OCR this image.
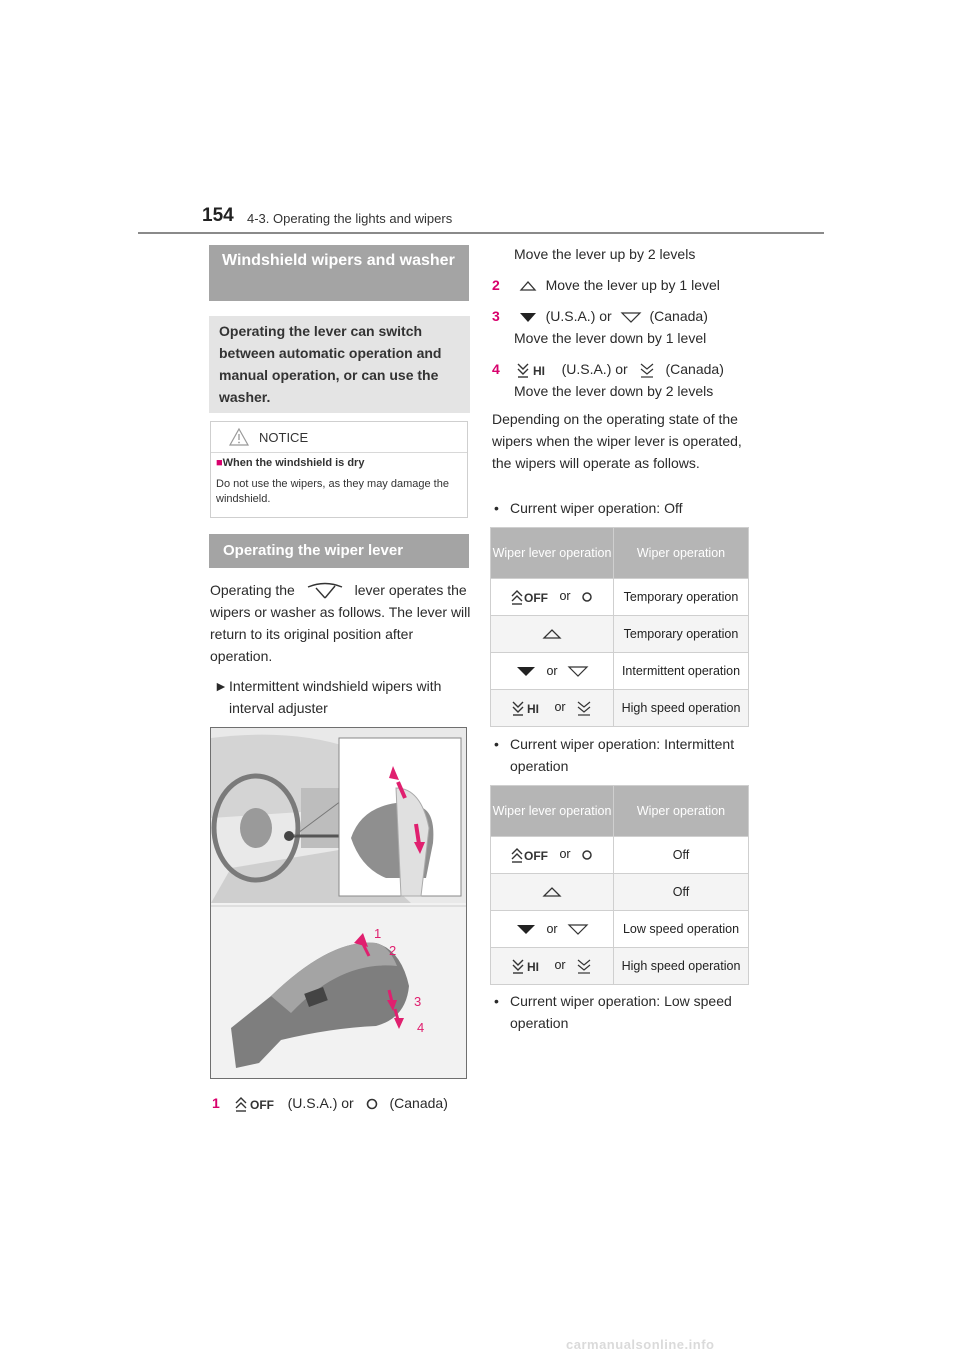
154 4-3. Operating the lights and wipers
Windshield wipers and washer
Operating the lever can switch between automatic operation and manual operation, or can use the washer.
NOTICE
■When the windshield is dry
Do not use the wipers, as they may damage the windshield.
Operating the wiper lever
Operating the	lever operates the wipers or washer as follows. The lever will return to its original position after operation.
► Intermittent windshield wipers with interval adjuster
1
2
3
4
1 OFF (U.S.A.) or	(Canada)
Move the lever up by 2 levels
2	Move the lever up by 1 level
3	(U.S.A.) or	(Canada)
Move the lever down by 1 level
4	HI (U.S.A.) or	(Canada)
Move the lever down by 2 levels
Depending on the operating state of the wipers when the wiper lever is operated, the wipers will operate as follows.
• Current wiper operation: Off
Wiper lever operation	Wiper operation

OFF or	Temporary operation
	Temporary operation
or	Intermittent operation

HI or	High speed operation
• Current wiper operation: Intermittent operation
Wiper lever operation	Wiper operation

OFF or	Off
	Off
or	Low speed operation

HI or	High speed operation
• Current wiper operation: Low speed operation
carmanualsonline.info
